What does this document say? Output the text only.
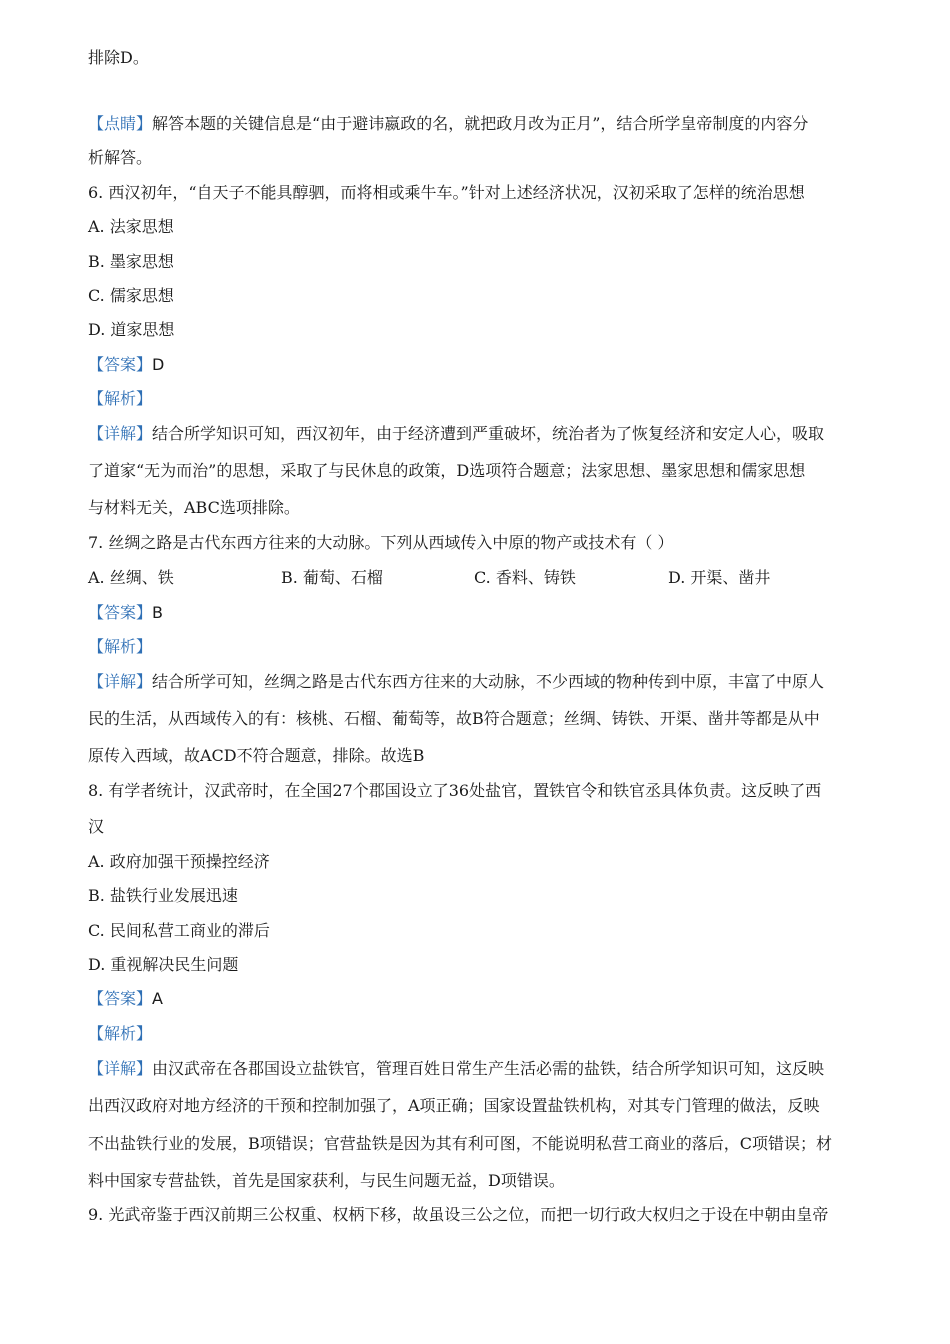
排除D。
【点睛】解答本题的关键信息是“由于避讳嬴政的名，就把政月改为正月”，结合所学皇帝制度的内容分
析解答。
6. 西汉初年，“自天子不能具醇驷，而将相或乘牛车。”针对上述经济状况，汉初采取了怎样的统治思想
A. 法家思想
B. 墨家思想
C. 儒家思想
D. 道家思想
【答案】D
【解析】
【详解】结合所学知识可知，西汉初年，由于经济遭到严重破坏，统治者为了恢复经济和安定人心，吸取
了道家“无为而治”的思想，采取了与民休息的政策，D选项符合题意；法家思想、墨家思想和儒家思想
与材料无关，ABC选项排除。
7. 丝绸之路是古代东西方往来的大动脉。下列从西域传入中原的物产或技术有（ ）
A. 丝绸、铁	B. 葡萄、石榴	C. 香料、铸铁	D. 开渠、凿井
【答案】B
【解析】
【详解】结合所学可知，丝绸之路是古代东西方往来的大动脉，不少西域的物种传到中原，丰富了中原人
民的生活，从西域传入的有：核桃、石榴、葡萄等，故B符合题意；丝绸、铸铁、开渠、凿井等都是从中
原传入西域，故ACD不符合题意，排除。故选B
8. 有学者统计，汉武帝时，在全国27个郡国设立了36处盐官，置铁官令和铁官丞具体负责。这反映了西
汉
A. 政府加强干预操控经济
B. 盐铁行业发展迅速
C. 民间私营工商业的滞后
D. 重视解决民生问题
【答案】A
【解析】
【详解】由汉武帝在各郡国设立盐铁官，管理百姓日常生产生活必需的盐铁，结合所学知识可知，这反映
出西汉政府对地方经济的干预和控制加强了，A项正确；国家设置盐铁机构，对其专门管理的做法，反映
不出盐铁行业的发展，B项错误；官营盐铁是因为其有利可图，不能说明私营工商业的落后，C项错误；材
料中国家专营盐铁，首先是国家获利，与民生问题无益，D项错误。
9. 光武帝鉴于西汉前期三公权重、权柄下移，故虽设三公之位，而把一切行政大权归之于设在中朝由皇帝
